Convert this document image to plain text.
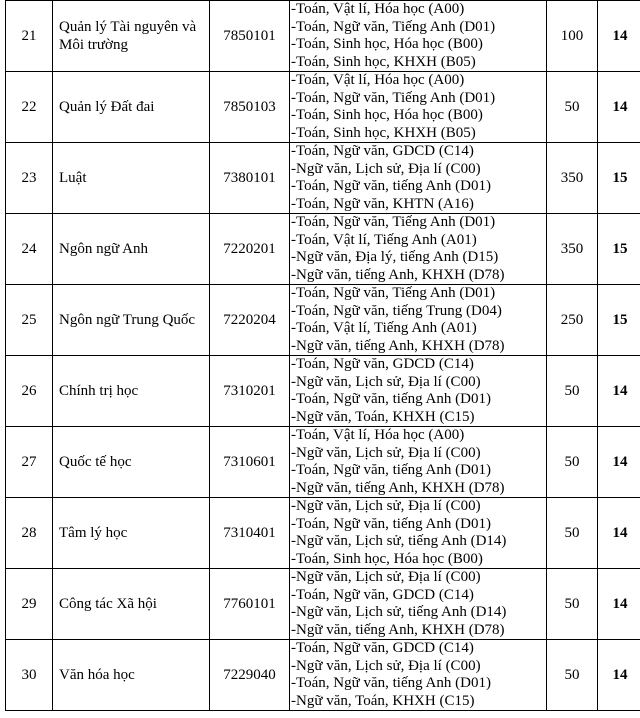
21	Quản lý Tài nguyên và Môi trường	7850101	-Toán, Vật lí, Hóa học (A00)
-Toán, Ngữ văn, Tiếng Anh (D01)
-Toán, Sinh học, Hóa học (B00)
-Toán, Sinh học, KHXH (B05)	100	14
22	Quản lý Đất đai	7850103	-Toán, Vật lí, Hóa học (A00)
-Toán, Ngữ văn, Tiếng Anh (D01)
-Toán, Sinh học, Hóa học (B00)
-Toán, Sinh học, KHXH (B05)	50	14
23	Luật	7380101	-Toán, Ngữ văn, GDCD (C14)
-Ngữ văn, Lịch sử, Địa lí (C00)
-Toán, Ngữ văn, tiếng Anh (D01)
-Toán, Ngữ văn, KHTN (A16)	350	15
24	Ngôn ngữ Anh	7220201	-Toán, Ngữ văn, Tiếng Anh (D01)
-Toán, Vật lí, Tiếng Anh (A01)
-Ngữ văn, Địa lý, tiếng Anh (D15)
-Ngữ văn, tiếng Anh, KHXH (D78)	350	15
25	Ngôn ngữ Trung Quốc	7220204	-Toán, Ngữ văn, Tiếng Anh (D01)
-Toán, Ngữ văn, tiếng Trung (D04)
-Toán, Vật lí, Tiếng Anh (A01)
-Ngữ văn, tiếng Anh, KHXH (D78)	250	15
26	Chính trị học	7310201	-Toán, Ngữ văn, GDCD (C14)
-Ngữ văn, Lịch sử, Địa lí (C00)
-Toán, Ngữ văn, tiếng Anh (D01)
-Ngữ văn, Toán, KHXH (C15)	50	14
27	Quốc tế học	7310601	-Toán, Vật lí, Hóa học (A00)
-Ngữ văn, Lịch sử, Địa lí (C00)
-Toán, Ngữ văn, tiếng Anh (D01)
-Ngữ văn, tiếng Anh, KHXH (D78)	50	14
28	Tâm lý học	7310401	-Ngữ văn, Lịch sử, Địa lí (C00)
-Toán, Ngữ văn, tiếng Anh (D01)
-Ngữ văn, Lịch sử, tiếng Anh (D14)
-Toán, Sinh học, Hóa học (B00)	50	14
29	Công tác Xã hội	7760101	-Ngữ văn, Lịch sử, Địa lí (C00)
-Toán, Ngữ văn, GDCD (C14)
-Ngữ văn, Lịch sử, tiếng Anh (D14)
-Ngữ văn, tiếng Anh, KHXH (D78)	50	14
30	Văn hóa học	7229040	-Toán, Ngữ văn, GDCD (C14)
-Ngữ văn, Lịch sử, Địa lí (C00)
-Toán, Ngữ văn, tiếng Anh (D01)
-Ngữ văn, Toán, KHXH (C15)	50	14
